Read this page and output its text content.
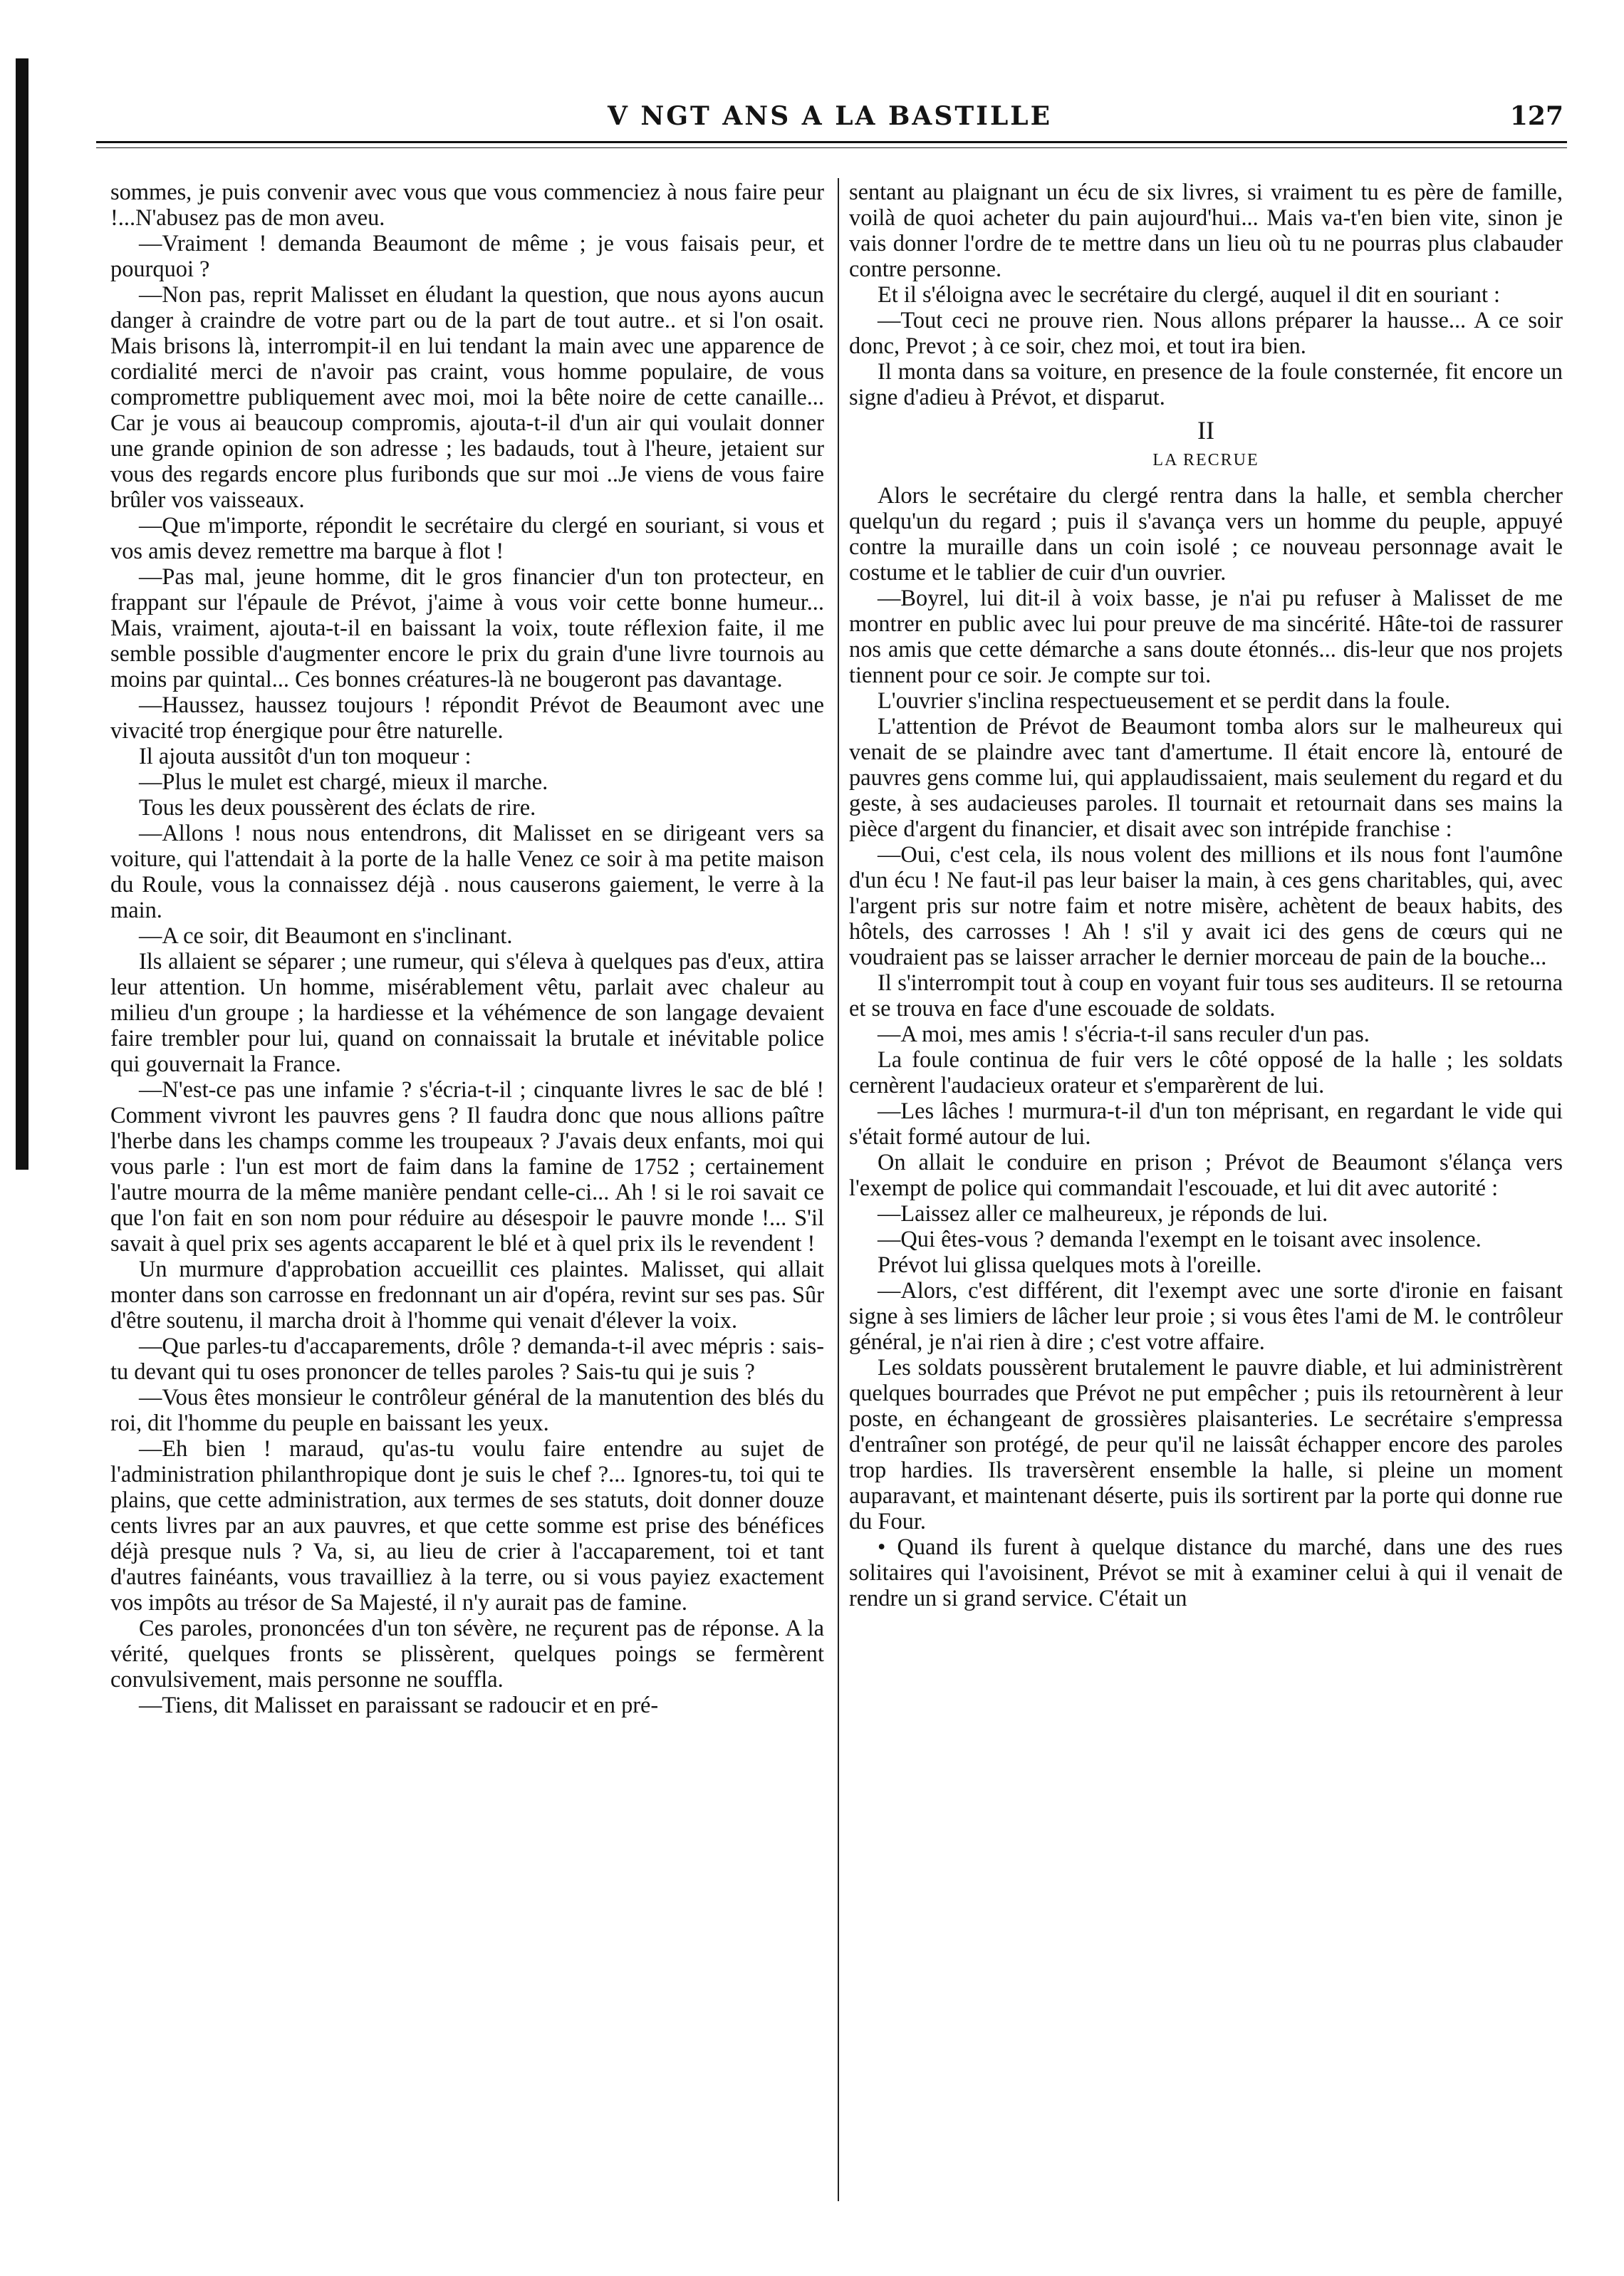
V NGT ANS A LA BASTILLE	127

sommes, je puis convenir avec vous que vous commenciez à nous faire peur !...N'abusez pas de mon aveu.

—Vraiment ! demanda Beaumont de même ; je vous faisais peur, et pourquoi ?

—Non pas, reprit Malisset en éludant la question, que nous ayons aucun danger à craindre de votre part ou de la part de tout autre.. et si l'on osait. Mais brisons là, interrompit-il en lui tendant la main avec une apparence de cordialité merci de n'avoir pas craint, vous homme populaire, de vous compromettre publiquement avec moi, moi la bête noire de cette canaille... Car je vous ai beaucoup compromis, ajouta-t-il d'un air qui voulait donner une grande opinion de son adresse ; les badauds, tout à l'heure, jetaient sur vous des regards encore plus furibonds que sur moi ..Je viens de vous faire brûler vos vaisseaux.

—Que m'importe, répondit le secrétaire du clergé en souriant, si vous et vos amis devez remettre ma barque à flot !

—Pas mal, jeune homme, dit le gros financier d'un ton protecteur, en frappant sur l'épaule de Prévot, j'aime à vous voir cette bonne humeur... Mais, vraiment, ajouta-t-il en baissant la voix, toute réflexion faite, il me semble possible d'augmenter encore le prix du grain d'une livre tournois au moins par quintal... Ces bonnes créatures-là ne bougeront pas davantage.

—Haussez, haussez toujours ! répondit Prévot de Beaumont avec une vivacité trop énergique pour être naturelle.

Il ajouta aussitôt d'un ton moqueur :

—Plus le mulet est chargé, mieux il marche.

Tous les deux poussèrent des éclats de rire.

—Allons ! nous nous entendrons, dit Malisset en se dirigeant vers sa voiture, qui l'attendait à la porte de la halle Venez ce soir à ma petite maison du Roule, vous la connaissez déjà . nous causerons gaiement, le verre à la main.

—A ce soir, dit Beaumont en s'inclinant.

Ils allaient se séparer ; une rumeur, qui s'éleva à quelques pas d'eux, attira leur attention. Un homme, misérablement vêtu, parlait avec chaleur au milieu d'un groupe ; la hardiesse et la véhémence de son langage devaient faire trembler pour lui, quand on connaissait la brutale et inévitable police qui gouvernait la France.

—N'est-ce pas une infamie ? s'écria-t-il ; cinquante livres le sac de blé ! Comment vivront les pauvres gens ? Il faudra donc que nous allions paître l'herbe dans les champs comme les troupeaux ? J'avais deux enfants, moi qui vous parle : l'un est mort de faim dans la famine de 1752 ; certainement l'autre mourra de la même manière pendant celle-ci... Ah ! si le roi savait ce que l'on fait en son nom pour réduire au désespoir le pauvre monde !... S'il savait à quel prix ses agents accaparent le blé et à quel prix ils le revendent !

Un murmure d'approbation accueillit ces plaintes. Malisset, qui allait monter dans son carrosse en fredonnant un air d'opéra, revint sur ses pas. Sûr d'être soutenu, il marcha droit à l'homme qui venait d'élever la voix.

—Que parles-tu d'accaparements, drôle ? demanda-t-il avec mépris : sais-tu devant qui tu oses prononcer de telles paroles ? Sais-tu qui je suis ?

—Vous êtes monsieur le contrôleur général de la manutention des blés du roi, dit l'homme du peuple en baissant les yeux.

—Eh bien ! maraud, qu'as-tu voulu faire entendre au sujet de l'administration philanthropique dont je suis le chef ?... Ignores-tu, toi qui te plains, que cette administration, aux termes de ses statuts, doit donner douze cents livres par an aux pauvres, et que cette somme est prise des bénéfices déjà presque nuls ? Va, si, au lieu de crier à l'accaparement, toi et tant d'autres fainéants, vous travailliez à la terre, ou si vous payiez exactement vos impôts au trésor de Sa Majesté, il n'y aurait pas de famine.

Ces paroles, prononcées d'un ton sévère, ne reçurent pas de réponse. A la vérité, quelques fronts se plissèrent, quelques poings se fermèrent convulsivement, mais personne ne souffla.

—Tiens, dit Malisset en paraissant se radoucir et en pré-

sentant au plaignant un écu de six livres, si vraiment tu es père de famille, voilà de quoi acheter du pain aujourd'hui... Mais va-t'en bien vite, sinon je vais donner l'ordre de te mettre dans un lieu où tu ne pourras plus clabauder contre personne.

Et il s'éloigna avec le secrétaire du clergé, auquel il dit en souriant :

—Tout ceci ne prouve rien. Nous allons préparer la hausse... A ce soir donc, Prevot ; à ce soir, chez moi, et tout ira bien.

Il monta dans sa voiture, en presence de la foule consternée, fit encore un signe d'adieu à Prévot, et disparut.

II
LA RECRUE

Alors le secrétaire du clergé rentra dans la halle, et sembla chercher quelqu'un du regard ; puis il s'avança vers un homme du peuple, appuyé contre la muraille dans un coin isolé ; ce nouveau personnage avait le costume et le tablier de cuir d'un ouvrier.

—Boyrel, lui dit-il à voix basse, je n'ai pu refuser à Malisset de me montrer en public avec lui pour preuve de ma sincérité. Hâte-toi de rassurer nos amis que cette démarche a sans doute étonnés... dis-leur que nos projets tiennent pour ce soir. Je compte sur toi.

L'ouvrier s'inclina respectueusement et se perdit dans la foule.

L'attention de Prévot de Beaumont tomba alors sur le malheureux qui venait de se plaindre avec tant d'amertume. Il était encore là, entouré de pauvres gens comme lui, qui applaudissaient, mais seulement du regard et du geste, à ses audacieuses paroles. Il tournait et retournait dans ses mains la pièce d'argent du financier, et disait avec son intrépide franchise :

—Oui, c'est cela, ils nous volent des millions et ils nous font l'aumône d'un écu ! Ne faut-il pas leur baiser la main, à ces gens charitables, qui, avec l'argent pris sur notre faim et notre misère, achètent de beaux habits, des hôtels, des carrosses ! Ah ! s'il y avait ici des gens de cœurs qui ne voudraient pas se laisser arracher le dernier morceau de pain de la bouche...

Il s'interrompit tout à coup en voyant fuir tous ses auditeurs. Il se retourna et se trouva en face d'une escouade de soldats.

—A moi, mes amis ! s'écria-t-il sans reculer d'un pas.

La foule continua de fuir vers le côté opposé de la halle ; les soldats cernèrent l'audacieux orateur et s'emparèrent de lui.

—Les lâches ! murmura-t-il d'un ton méprisant, en regardant le vide qui s'était formé autour de lui.

On allait le conduire en prison ; Prévot de Beaumont s'élança vers l'exempt de police qui commandait l'escouade, et lui dit avec autorité :

—Laissez aller ce malheureux, je réponds de lui.

—Qui êtes-vous ? demanda l'exempt en le toisant avec insolence.

Prévot lui glissa quelques mots à l'oreille.

—Alors, c'est différent, dit l'exempt avec une sorte d'ironie en faisant signe à ses limiers de lâcher leur proie ; si vous êtes l'ami de M. le contrôleur général, je n'ai rien à dire ; c'est votre affaire.

Les soldats poussèrent brutalement le pauvre diable, et lui administrèrent quelques bourrades que Prévot ne put empêcher ; puis ils retournèrent à leur poste, en échangeant de grossières plaisanteries. Le secrétaire s'empressa d'entraîner son protégé, de peur qu'il ne laissât échapper encore des paroles trop hardies. Ils traversèrent ensemble la halle, si pleine un moment auparavant, et maintenant déserte, puis ils sortirent par la porte qui donne rue du Four.

• Quand ils furent à quelque distance du marché, dans une des rues solitaires qui l'avoisinent, Prévot se mit à examiner celui à qui il venait de rendre un si grand service. C'était un
